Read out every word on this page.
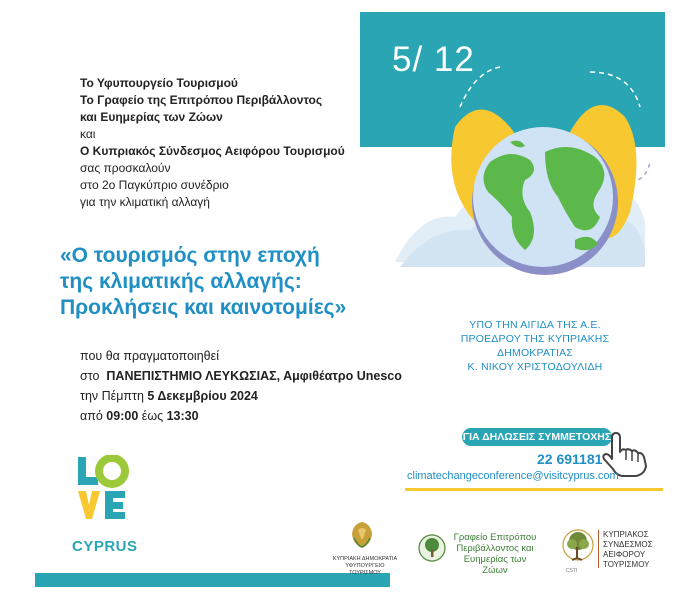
5/ 12
Το Υφυπουργείο Τουρισμού
Το Γραφείο της Επιτρόπου Περιβάλλοντος
και Ευημερίας των Ζώων
και
Ο Κυπριακός Σύνδεσμος Αειφόρου Τουρισμού
σας προσκαλούν
στο 2ο Παγκύπριο συνέδριο
για την κλιματική αλλαγή
«Ο τουρισμός στην εποχή
της κλιματικής αλλαγής:
Προκλήσεις και καινοτομίες»
που θα πραγματοποιηθεί
στο ΠΑΝΕΠΙΣΤΗΜΙΟ ΛΕΥΚΩΣΙΑΣ, Αμφιθέατρο Unesco
την Πέμπτη 5 Δεκεμβρίου 2024
από 09:00 έως 13:30
ΥΠΟ ΤΗΝ ΑΙΓΙΔΑ ΤΗΣ Α.Ε.
ΠΡΟΕΔΡΟΥ ΤΗΣ ΚΥΠΡΙΑΚΗΣ
ΔΗΜΟΚΡΑΤΙΑΣ
Κ. ΝΙΚΟΥ ΧΡΙΣΤΟΔΟΥΛΙΔΗ
ΓΙΑ ΔΗΛΩΣΕΙΣ ΣΥΜΜΕΤΟΧΗΣ
22 691181
climatechangeconference@visitcyprus.com
CYPRUS
ΚΥΠΡΙΑΚΗ ΔΗΜΟΚΡΑΤΙΑ ΥΦΥΠΟΥΡΓΕΙΟ ΤΟΥΡΙΣΜΟΥ
Γραφείο Επιτρόπου
Περιβάλλοντος και
Ευημερίας των Ζώων	CSTI
ΚΥΠΡΙΑΚΟΣ
ΣΥΝΔΕΣΜΟΣ
ΑΕΙΦΟΡΟΥ
ΤΟΥΡΙΣΜΟΥ
